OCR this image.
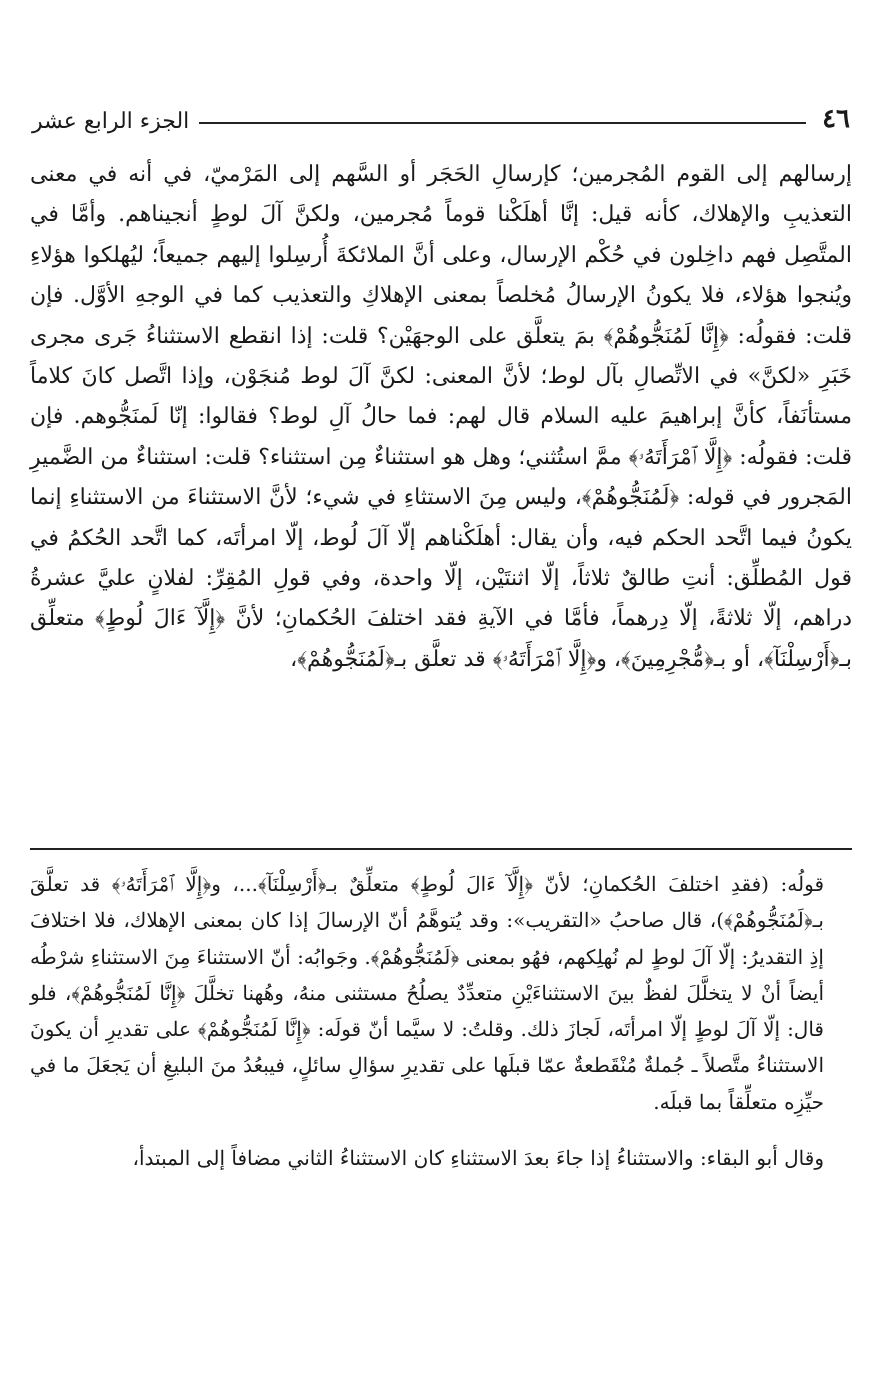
٤٦
الجزء الرابع عشر

إرسالهم إلى القوم المُجرمين؛ كإرسالِ الحَجَر أو السَّهم إلى المَرْميّ، في أنه في معنى التعذيبِ والإهلاك، كأنه قيل: إنَّا أهلَكْنا قوماً مُجرمين، ولكنَّ آلَ لوطٍ أنجيناهم. وأمَّا في المتَّصِل فهم داخِلون في حُكْم الإرسال، وعلى أنَّ الملائكةَ أُرسِلوا إليهم جميعاً؛ ليُهلكوا هؤلاءِ ويُنجوا هؤلاء، فلا يكونُ الإرسالُ مُخلصاً بمعنى الإهلاكِ والتعذيب كما في الوجهِ الأوَّل. فإن قلت: فقولُه: ﴿إِنَّا لَمُنَجُّوهُمْ﴾ بمَ يتعلَّق على الوجهَيْن؟ قلت: إذا انقطع الاستثناءُ جَرى مجرى خَبَرِ «لكنَّ» في الاتِّصالِ بآل لوط؛ لأنَّ المعنى: لكنَّ آلَ لوط مُنجَوْن، وإذا اتَّصل كانَ كلاماً مستأنَفاً، كأنَّ إبراهيمَ عليه السلام قال لهم: فما حالُ آلِ لوط؟ فقالوا: إنّا لَمنَجُّوهم. فإن قلت: فقولُه: ﴿إِلَّا ٱمْرَأَتَهُۥ﴾ ممَّ استُثني؛ وهل هو استثناءٌ مِن استثناء؟ قلت: استثناءٌ من الضَّميرِ المَجرور في قوله: ﴿لَمُنَجُّوهُمْ﴾، وليس مِنَ الاستثاءِ في شيء؛ لأنَّ الاستثناءَ من الاستثناءِ إنما يكونُ فيما اتَّحد الحكم فيه، وأن يقال: أهلَكْناهم إلّا آلَ لُوط، إلّا امرأتَه، كما اتَّحد الحُكمُ في قول المُطلِّق: أنتِ طالقٌ ثلاثاً، إلّا اثنتَيْن، إلّا واحدة، وفي قولِ المُقِرِّ: لفلانٍ عليَّ عشرةُ دراهم، إلّا ثلاثةً، إلّا دِرهماً، فأمَّا في الآيةِ فقد اختلفَ الحُكمانِ؛ لأنَّ ﴿إِلَّآ ءَالَ لُوطٍ﴾ متعلِّق بـ﴿أَرْسِلْنَآ﴾، أو بـ﴿مُّجْرِمِينَ﴾، و﴿إِلَّا ٱمْرَأَتَهُۥ﴾ قد تعلَّق بـ﴿لَمُنَجُّوهُمْ﴾،

قولُه: (فقدِ اختلفَ الحُكمانِ؛ لأنّ ﴿إِلَّآ ءَالَ لُوطٍ﴾ متعلِّقٌ بـ﴿أَرْسِلْنَآ﴾...، و﴿إِلَّا ٱمْرَأَتَهُۥ﴾ قد تعلَّقَ بـ﴿لَمُنَجُّوهُمْ﴾)، قال صاحبُ «التقريب»: وقد يُتوهَّمُ أنّ الإرسالَ إذا كان بمعنى الإهلاك، فلا اختلافَ إذِ التقديرُ: إلّا آلَ لوطٍ لم نُهلِكهم، فهُو بمعنى ﴿لَمُنَجُّوهُمْ﴾. وجَوابُه: أنّ الاستثناءَ مِنَ الاستثناءِ شرْطُه أيضاً أنْ لا يتخلَّلَ لفظٌ بينَ الاستثناءَيْنِ متعدِّدٌ يصلُحُ مستثنى منهُ، وهُهنا تخلَّلَ ﴿إِنَّا لَمُنَجُّوهُمْ﴾، فلو قال: إلّا آلَ لوطٍ إلّا امرأتَه، لَجازَ ذلك. وقلتُ: لا سيَّما أنّ قولَه: ﴿إِنَّا لَمُنَجُّوهُمْ﴾ على تقديرِ أن يكونَ الاستثناءُ متَّصلاً ـ جُملةٌ مُنْقَطعةٌ عمّا قبلَها على تقديرِ سؤالِ سائلٍ، فيبعُدُ منَ البليغِ أن يَجعَلَ ما في حيِّزِه متعلِّقاً بما قبلَه.

وقال أبو البقاء: والاستثناءُ إذا جاءَ بعدَ الاستثناءِ كان الاستثناءُ الثاني مضافاً إلى المبتدأ،
